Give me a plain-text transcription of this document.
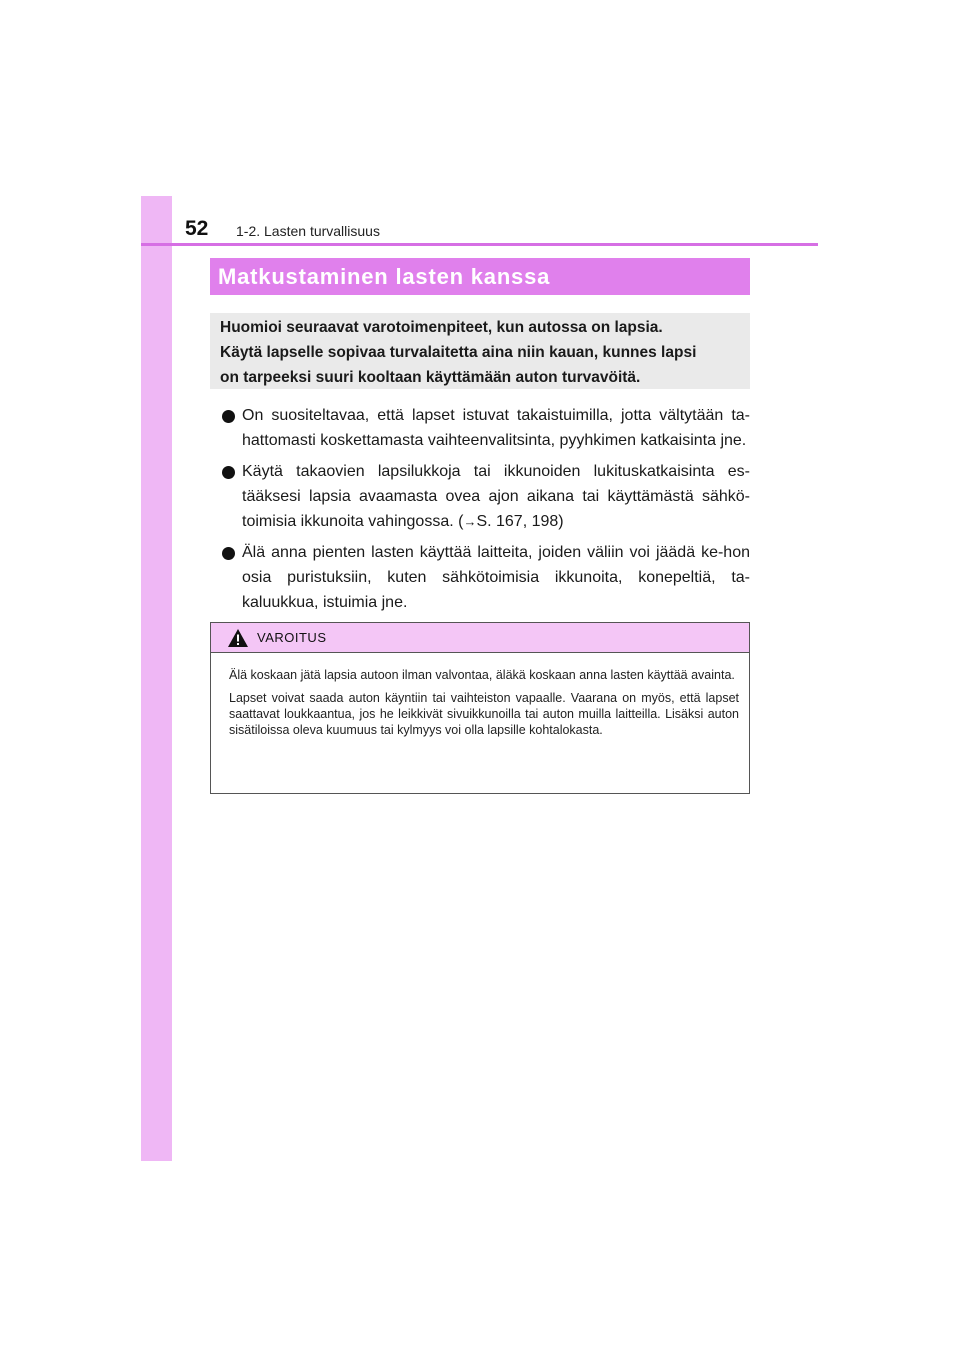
52 1-2. Lasten turvallisuus
Matkustaminen lasten kanssa
Huomioi seuraavat varotoimenpiteet, kun autossa on lapsia.
Käytä lapselle sopivaa turvalaitetta aina niin kauan, kunnes lapsi
on tarpeeksi suuri kooltaan käyttämään auton turvavöitä.
On suositeltavaa, että lapset istuvat takaistuimilla, jotta vältytään ta-hattomasti koskettamasta vaihteenvalitsinta, pyyhkimen katkaisinta jne.
Käytä takaovien lapsilukkoja tai ikkunoiden lukituskatkaisinta es-tääksesi lapsia avaamasta ovea ajon aikana tai käyttämästä sähkö-toimisia ikkunoita vahingossa. (→S. 167, 198)
Älä anna pienten lasten käyttää laitteita, joiden väliin voi jäädä ke-hon osia puristuksiin, kuten sähkötoimisia ikkunoita, konepeltiä, ta-kaluukkua, istuimia jne.
VAROITUS

Älä koskaan jätä lapsia autoon ilman valvontaa, äläkä koskaan anna lasten käyttää avainta.

Lapset voivat saada auton käyntiin tai vaihteiston vapaalle. Vaarana on myös, että lapset saattavat loukkaantua, jos he leikkivät sivuikkunoilla tai auton muilla laitteilla. Lisäksi auton sisätiloissa oleva kuumuus tai kylmyys voi olla lapsille kohtalokasta.
